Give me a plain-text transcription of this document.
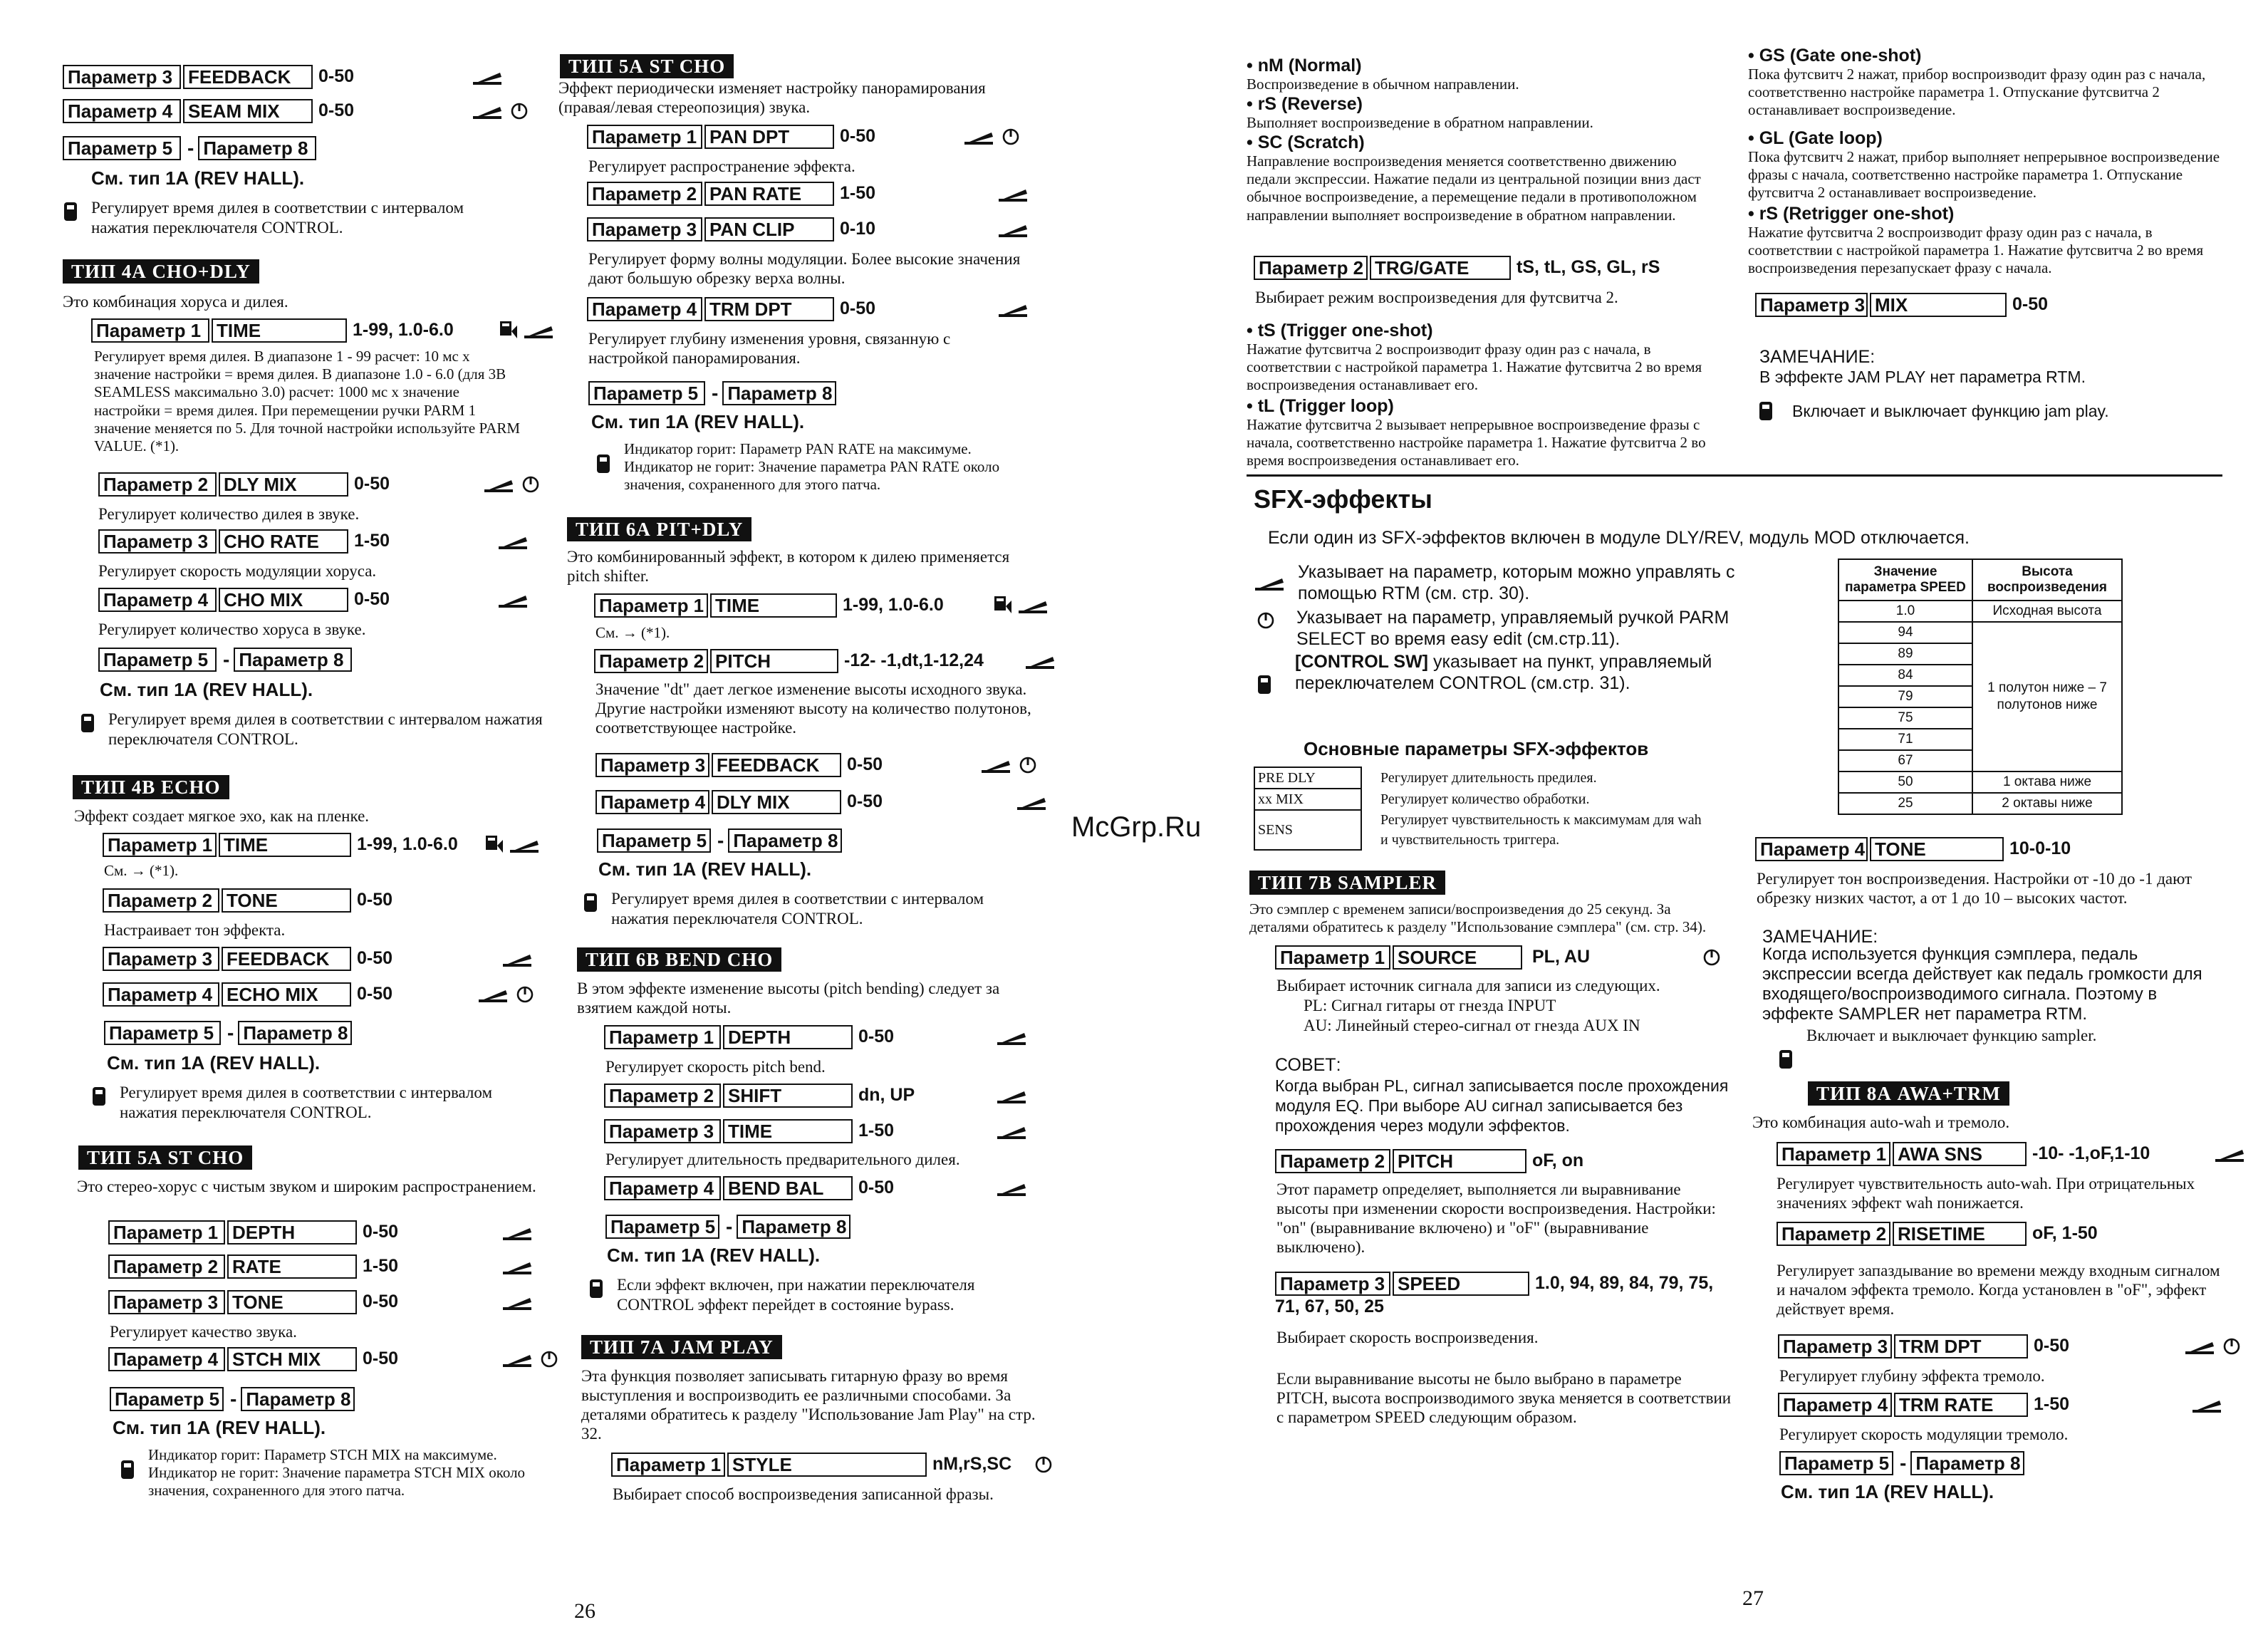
Параметр 3 FEEDBACK	0-50
Параметр 4 SEAM MIX	0-50
Параметр 5 - Параметр 8
См. тип 1А (REV HALL).
Регулирует время дилея в соответствии с интервалом нажатия переключателя CONTROL.
ТИП 4А CHO+DLY
Это комбинация хоруса и дилея.
Параметр 1 TIME	1-99, 1.0-6.0
Регулирует время дилея. В диапазоне 1 - 99 расчет: 10 мс х значение настройки = время дилея. В диапазоне 1.0 - 6.0 (для 3В SEAMLESS максимально 3.0) расчет: 1000 мс х значение настройки = время дилея. При перемещении ручки PARM 1 значение меняется по 5. Для точной настройки используйте PARM VALUE. (*1).
Параметр 2 DLY MIX	0-50
Регулирует количество дилея в звуке.
Параметр 3 CHO RATE	1-50
Регулирует скорость модуляции хоруса.
Параметр 4 CHO MIX	0-50
Регулирует количество хоруса в звуке.
Параметр 5 - Параметр 8
См. тип 1А (REV HALL).
Регулирует время дилея в соответствии с интервалом нажатия переключателя CONTROL.
ТИП 4В ECHO
Эффект создает мягкое эхо, как на пленке.
Параметр 1 TIME	1-99, 1.0-6.0
См. → (*1).
Параметр 2 TONE	0-50
Настраивает тон эффекта.
Параметр 3 FEEDBACK	0-50
Параметр 4 ECHO MIX	0-50
Параметр 5 - Параметр 8
См. тип 1А (REV HALL).
Регулирует время дилея в соответствии с интервалом нажатия переключателя CONTROL.
ТИП 5А ST CHO
Это стерео-хорус с чистым звуком и широким распространением.
Параметр 1 DEPTH	0-50
Параметр 2 RATE	1-50
Параметр 3 TONE	0-50
Регулирует качество звука.
Параметр 4 STCH MIX	0-50
Параметр 5 - Параметр 8
См. тип 1А (REV HALL).
Индикатор горит: Параметр STCH MIX на максимуме.
Индикатор не горит: Значение параметра STCH MIX около значения, сохраненного для этого патча.
ТИП 5А ST CHO
Эффект периодически изменяет настройку панорамирования (правая/левая стереопозиция) звука.
Параметр 1 PAN DPT	0-50
Регулирует распространение эффекта.
Параметр 2 PAN RATE	1-50
Параметр 3 PAN CLIP	0-10
Регулирует форму волны модуляции. Более высокие значения дают большую обрезку верха волны.
Параметр 4 TRM DPT	0-50
Регулирует глубину изменения уровня, связанную с настройкой панорамирования.
Параметр 5 - Параметр 8
См. тип 1А (REV HALL).
Индикатор горит: Параметр PAN RATE на максимуме.
Индикатор не горит: Значение параметра PAN RATE около значения, сохраненного для этого патча.
ТИП 6А PIT+DLY
Это комбинированный эффект, в котором к дилею применяется pitch shifter.
Параметр 1 TIME	1-99, 1.0-6.0
См. → (*1).
Параметр 2 PITCH	-12- -1,dt,1-12,24
Значение "dt" дает легкое изменение высоты исходного звука. Другие настройки изменяют высоту на количество полутонов, соответствующее настройке.
Параметр 3 FEEDBACK	0-50
Параметр 4 DLY MIX	0-50
Параметр 5 - Параметр 8
См. тип 1А (REV HALL).
Регулирует время дилея в соответствии с интервалом нажатия переключателя CONTROL.
ТИП 6В BEND CHO
В этом эффекте изменение высоты (pitch bending) следует за взятием каждой ноты.
Параметр 1 DEPTH	0-50
Регулирует скорость pitch bend.
Параметр 2 SHIFT	dn, UP
Параметр 3 TIME	1-50
Регулирует длительность предварительного дилея.
Параметр 4 BEND BAL	0-50
Параметр 5 - Параметр 8
См. тип 1А (REV HALL).
Если эффект включен, при нажатии переключателя CONTROL эффект перейдет в состояние bypass.
ТИП 7А JAM PLAY
Эта функция позволяет записывать гитарную фразу во время выступления и воспроизводить ее различными способами. За деталями обратитесь к разделу "Использование Jam Play" на стр. 32.
Параметр 1 STYLE	nM,rS,SC
Выбирает способ воспроизведения записанной фразы.
26
McGrp.Ru
• nM (Normal)
Воспроизведение в обычном направлении.
• rS (Reverse)
Выполняет воспроизведение в обратном направлении.
• SC (Scratch)
Направление воспроизведения меняется соответственно движению педали экспрессии. Нажатие педали из центральной позиции вниз даст обычное воспроизведение, а перемещение педали в противоположном направлении выполняет воспроизведение в обратном направлении.
Параметр 2 TRG/GATE	tS, tL, GS, GL, rS
Выбирает режим воспроизведения для футсвитча 2.
• tS (Trigger one-shot)
Нажатие футсвитча 2 воспроизводит фразу один раз с начала, в соответствии с настройкой параметра 1. Нажатие футсвитча 2 во время воспроизведения останавливает его.
• tL (Trigger loop)
Нажатие футсвитча 2 вызывает непрерывное воспроизведение фразы с начала, соответственно настройке параметра 1. Нажатие футсвитча 2 во время воспроизведения останавливает его.
SFX-эффекты
Если один из SFX-эффектов включен в модуле DLY/REV, модуль MOD отключается.
Указывает на параметр, которым можно управлять с помощью RTM (см. стр. 30).
Указывает на параметр, управляемый ручкой PARM SELECT во время easy edit (см.стр.11).
[CONTROL SW] указывает на пункт, управляемый переключателем CONTROL (см.стр. 31).
Основные параметры SFX-эффектов
PRE DLY	Регулирует длительность предилея.
xx MIX	Регулирует количество обработки.
SENS	Регулирует чувствительность к максимумам для wah и чувствительность триггера.
ТИП 7В SAMPLER
Это сэмплер с временем записи/воспроизведения до 25 секунд. За деталями обратитесь к разделу "Использование сэмплера" (см. стр. 34).
Параметр 1 SOURCE	PL, AU
Выбирает источник сигнала для записи из следующих.
PL: Сигнал гитары от гнезда INPUT
AU: Линейный стерео-сигнал от гнезда AUX IN
СОВЕТ:
Когда выбран PL, сигнал записывается после прохождения модуля EQ. При выборе AU сигнал записывается без прохождения через модули эффектов.
Параметр 2 PITCH	oF, on
Этот параметр определяет, выполняется ли выравнивание высоты при изменении скорости воспроизведения. Настройки: "on" (выравнивание включено) и "oF" (выравнивание выключено).
Параметр 3 SPEED	1.0, 94, 89, 84, 79, 75,
71, 67, 50, 25
Выбирает скорость воспроизведения.
Если выравнивание высоты не было выбрано в параметре PITCH, высота воспроизводимого звука меняется в соответствии с параметром SPEED следующим образом.
• GS (Gate one-shot)
Пока футсвитч 2 нажат, прибор воспроизводит фразу один раз с начала, соответственно настройке параметра 1. Отпускание футсвитча 2 останавливает воспроизведение.
• GL (Gate loop)
Пока футсвитч 2 нажат, прибор выполняет непрерывное воспроизведение фразы с начала, соответственно настройке параметра 1. Отпускание футсвитча 2 останавливает воспроизведение.
• rS (Retrigger one-shot)
Нажатие футсвитча 2 воспроизводит фразу один раз с начала, в соответствии с настройкой параметра 1. Нажатие футсвитча 2 во время воспроизведения перезапускает фразу с начала.
Параметр 3 MIX	0-50
ЗАМЕЧАНИЕ:
В эффекте JAM PLAY нет параметра RTM.
Включает и выключает функцию jam play.
Значение параметра SPEED	Высота воспроизведения
1.0	Исходная высота
94	1 полутон ниже – 7 полутонов ниже
89	
84	
79	
75	
71	
67	
50	1 октава ниже
25	2 октавы ниже
Параметр 4 TONE	10-0-10
Регулирует тон воспроизведения. Настройки от -10 до -1 дают обрезку низких частот, а от 1 до 10 – высоких частот.
ЗАМЕЧАНИЕ:
Когда используется функция сэмплера, педаль экспрессии всегда действует как педаль громкости для входящего/воспроизводимого сигнала. Поэтому в эффекте SAMPLER нет параметра RTM.
Включает и выключает функцию sampler.
ТИП 8А AWA+TRM
Это комбинация auto-wah и тремоло.
Параметр 1 AWA SNS	-10- -1,oF,1-10
Регулирует чувствительность auto-wah. При отрицательных значениях эффект wah понижается.
Параметр 2 RISETIME	oF, 1-50
Регулирует запаздывание во времени между входным сигналом и началом эффекта тремоло. Когда установлен в "oF", эффект действует время.
Параметр 3 TRM DPT	0-50
Регулирует глубину эффекта тремоло.
Параметр 4 TRM RATE	1-50
Регулирует скорость модуляции тремоло.
Параметр 5 - Параметр 8
См. тип 1А (REV HALL).
27
